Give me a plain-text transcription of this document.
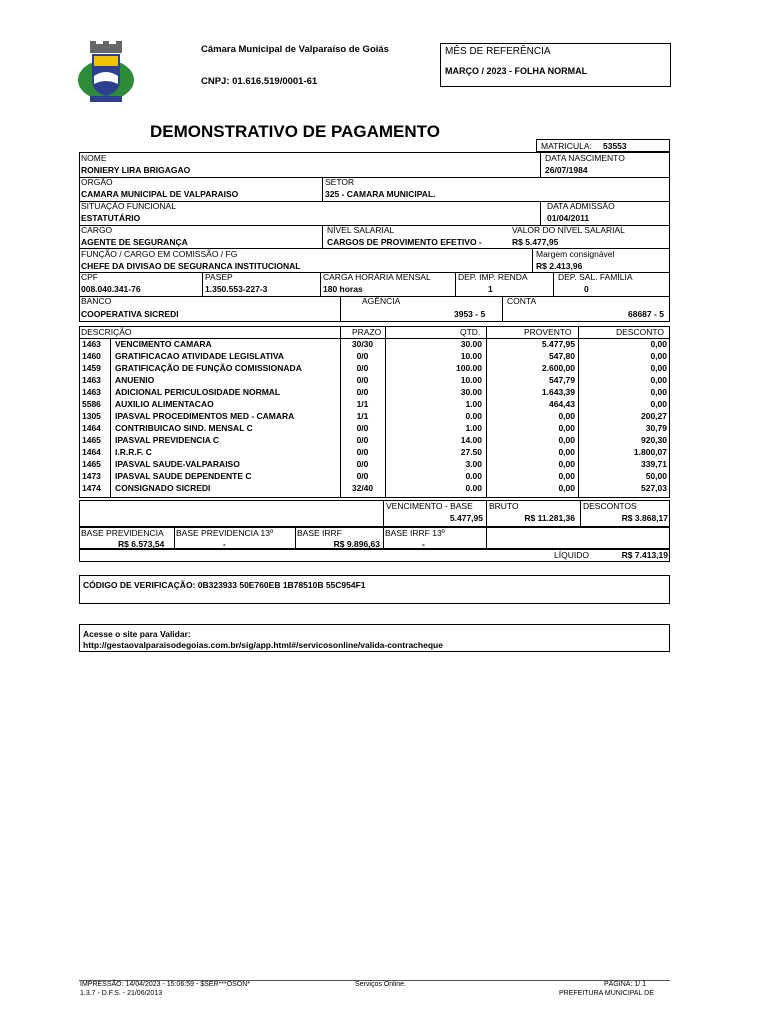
Câmara Municipal de Valparaíso de Goiás
CNPJ: 01.616.519/0001-61
MÊS DE REFERÊNCIA
MARÇO / 2023 - FOLHA NORMAL
DEMONSTRATIVO DE PAGAMENTO
MATRICULA: 53553
NOME
RONIERY LIRA BRIGAGAO
DATA NASCIMENTO
26/07/1984
ORGÃO
CAMARA MUNICIPAL DE VALPARAISO
SETOR
325 - CAMARA MUNICIPAL.
SITUAÇÃO FUNCIONAL
ESTATUTÁRIO
DATA ADMISSÃO
01/04/2011
CARGO
AGENTE DE SEGURANÇA
NÍVEL SALARIAL
CARGOS DE PROVIMENTO EFETIVO -
VALOR DO NÍVEL SALARIAL
R$ 5.477,95
FUNÇÃO / CARGO EM COMISSÃO / FG
CHEFE DA DIVISAO DE SEGURANCA INSTITUCIONAL
Margem consignável
R$ 2.413,96
CPF
008.040.341-76
PASEP
1.350.553-227-3
CARGA HORÁRIA MENSAL
180 horas
DEP. IMP. RENDA
1
DEP. SAL. FAMÍLIA
0
BANCO
COOPERATIVA SICREDI
AGÊNCIA
3953 - 5
CONTA
68687 - 5
DESCRIÇÃO	PRAZO	QTD.	PROVENTO	DESCONTO
1463 VENCIMENTO CAMARA	30/30	30.00	5.477,95	0,00
1460 GRATIFICACAO ATIVIDADE LEGISLATIVA	0/0	10.00	547,80	0,00
1459 GRATIFICAÇÃO DE FUNÇÃO COMISSIONADA	0/0	100.00	2.600,00	0,00
1463 ANUENIO	0/0	10.00	547,79	0,00
1463 ADICIONAL PERICULOSIDADE NORMAL	0/0	30.00	1.643,39	0,00
5586 AUXILIO ALIMENTACAO	1/1	1.00	464,43	0,00
1305 IPASVAL PROCEDIMENTOS MED - CAMARA	1/1	0.00	0,00	200,27
1464 CONTRIBUICAO SIND. MENSAL C	0/0	1.00	0,00	30,79
1465 IPASVAL PREVIDENCIA C	0/0	14.00	0,00	920,30
1464 I.R.R.F. C	0/0	27.50	0,00	1.800,07
1465 IPASVAL SAUDE-VALPARAISO	0/0	3.00	0,00	339,71
1473 IPASVAL SAUDE DEPENDENTE C	0/0	0.00	0,00	50,00
1474 CONSIGNADO SICREDI	32/40	0.00	0,00	527,03
VENCIMENTO - BASE
5.477,95
BRUTO
R$ 11.281,36
DESCONTOS
R$ 3.868,17
BASE PREVIDENCIA
R$ 6.573,54
BASE PREVIDENCIA 13º
-
BASE IRRF
R$ 9.896,63
BASE IRRF 13º
-
LÍQUIDO	R$ 7.413,19
CÓDIGO DE VERIFICAÇÃO: 0B323933 50E760EB 1B78510B 55C954F1
Acesse o site para Validar:
http://gestaovalparaisodegoias.com.br/sig/app.html#/servicosonline/valida-contracheque
IMPRESSÃO: 14/04/2023 - 15:06:59 - $SER***OSON*
1.3.7 - D.F.S. - 21/06/2013
Serviços Online.	PÁGINA: 1/ 1
PREFEITURA MUNICIPAL DE
